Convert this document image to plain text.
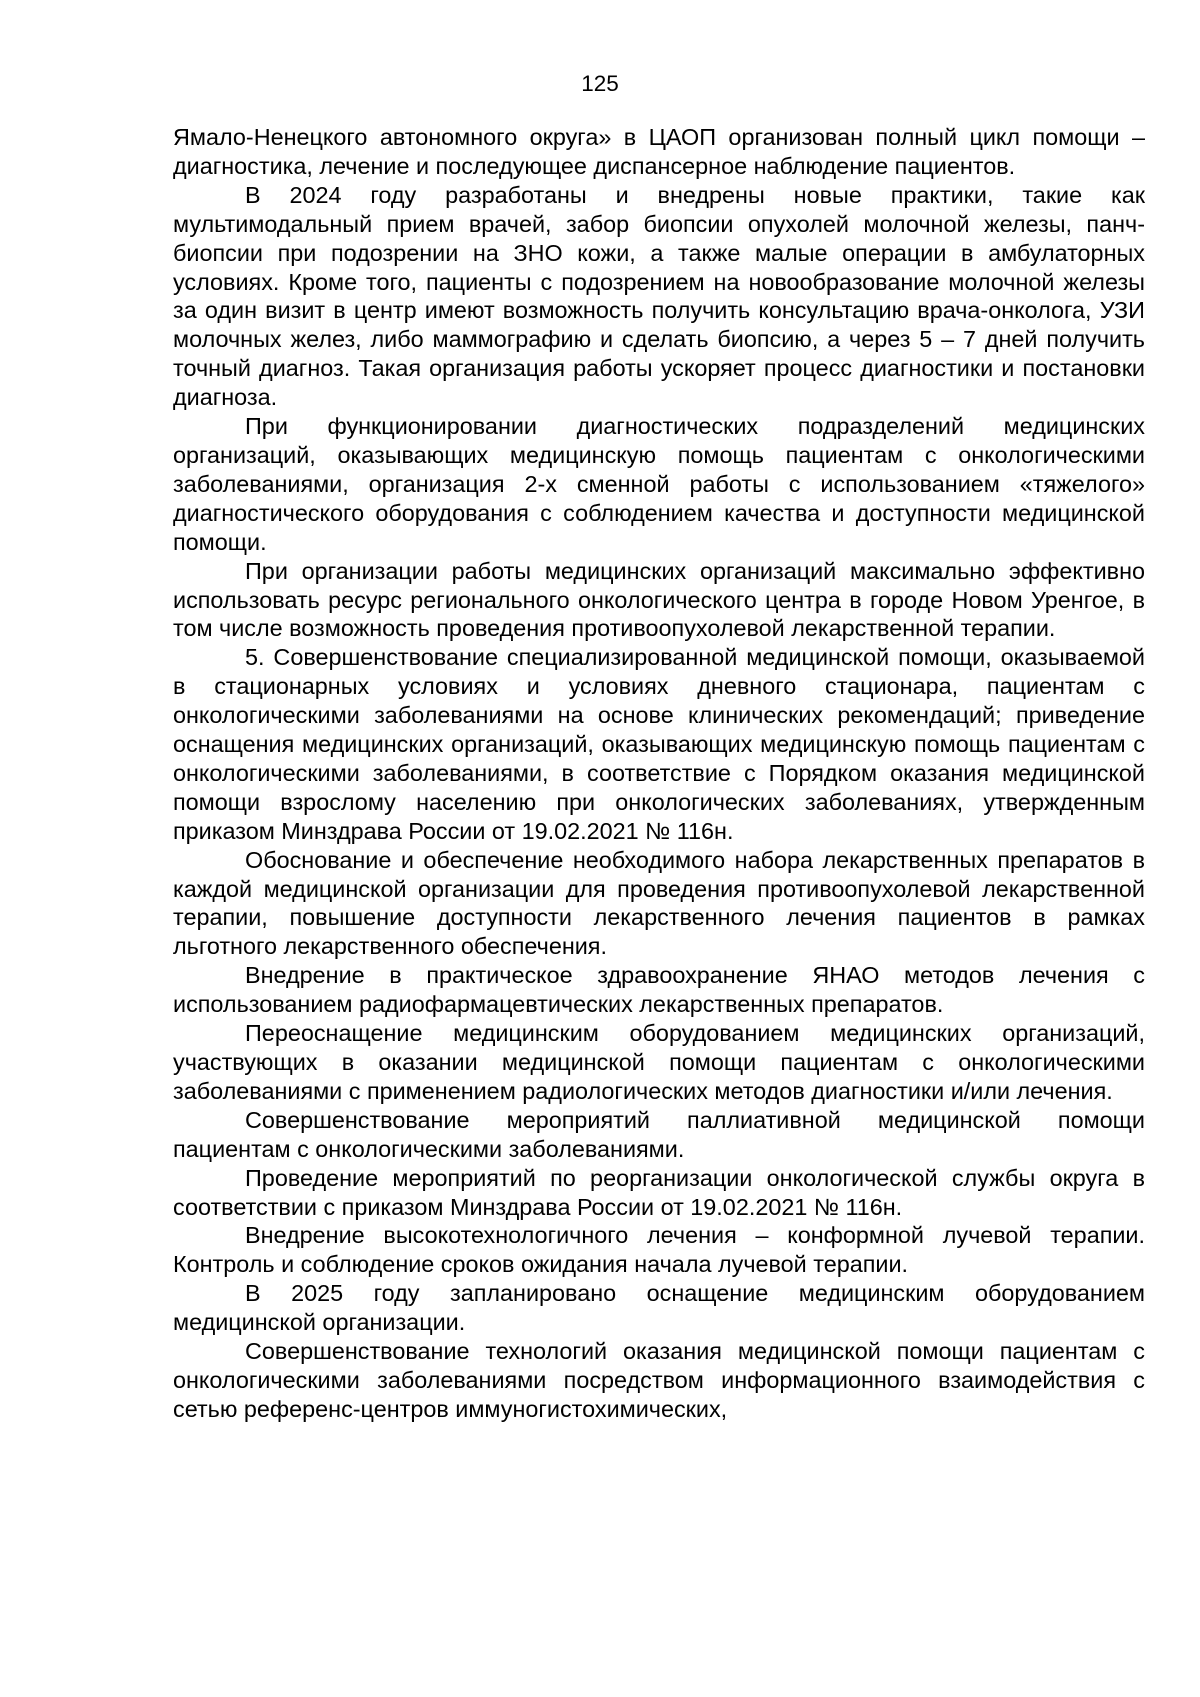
125

Ямало-Ненецкого автономного округа» в ЦАОП организован полный цикл помощи – диагностика, лечение и последующее диспансерное наблюдение пациентов.

В 2024 году разработаны и внедрены новые практики, такие как мультимодальный прием врачей, забор биопсии опухолей молочной железы, панч-биопсии при подозрении на ЗНО кожи, а также малые операции в амбулаторных условиях. Кроме того, пациенты с подозрением на новообразование молочной железы за один визит в центр имеют возможность получить консультацию врача-онколога, УЗИ молочных желез, либо маммографию и сделать биопсию, а через 5 – 7 дней получить точный диагноз. Такая организация работы ускоряет процесс диагностики и постановки диагноза.

При функционировании диагностических подразделений медицинских организаций, оказывающих медицинскую помощь пациентам с онкологическими заболеваниями, организация 2-х сменной работы с использованием «тяжелого» диагностического оборудования с соблюдением качества и доступности медицинской помощи.

При организации работы медицинских организаций максимально эффективно использовать ресурс регионального онкологического центра в городе Новом Уренгое, в том числе возможность проведения противоопухолевой лекарственной терапии.

5. Совершенствование специализированной медицинской помощи, оказываемой в стационарных условиях и условиях дневного стационара, пациентам с онкологическими заболеваниями на основе клинических рекомендаций; приведение оснащения медицинских организаций, оказывающих медицинскую помощь пациентам с онкологическими заболеваниями, в соответствие с Порядком оказания медицинской помощи взрослому населению при онкологических заболеваниях, утвержденным приказом Минздрава России от 19.02.2021 № 116н.

Обоснование и обеспечение необходимого набора лекарственных препаратов в каждой медицинской организации для проведения противоопухолевой лекарственной терапии, повышение доступности лекарственного лечения пациентов в рамках льготного лекарственного обеспечения.

Внедрение в практическое здравоохранение ЯНАО методов лечения с использованием радиофармацевтических лекарственных препаратов.

Переоснащение медицинским оборудованием медицинских организаций, участвующих в оказании медицинской помощи пациентам с онкологическими заболеваниями с применением радиологических методов диагностики и/или лечения.

Совершенствование мероприятий паллиативной медицинской помощи пациентам с онкологическими заболеваниями.

Проведение мероприятий по реорганизации онкологической службы округа в соответствии с приказом Минздрава России от 19.02.2021 № 116н.

Внедрение высокотехнологичного лечения – конформной лучевой терапии. Контроль и соблюдение сроков ожидания начала лучевой терапии.

В 2025 году запланировано оснащение медицинским оборудованием медицинской организации.

Совершенствование технологий оказания медицинской помощи пациентам с онкологическими заболеваниями посредством информационного взаимодействия с сетью референс-центров иммуногистохимических,
